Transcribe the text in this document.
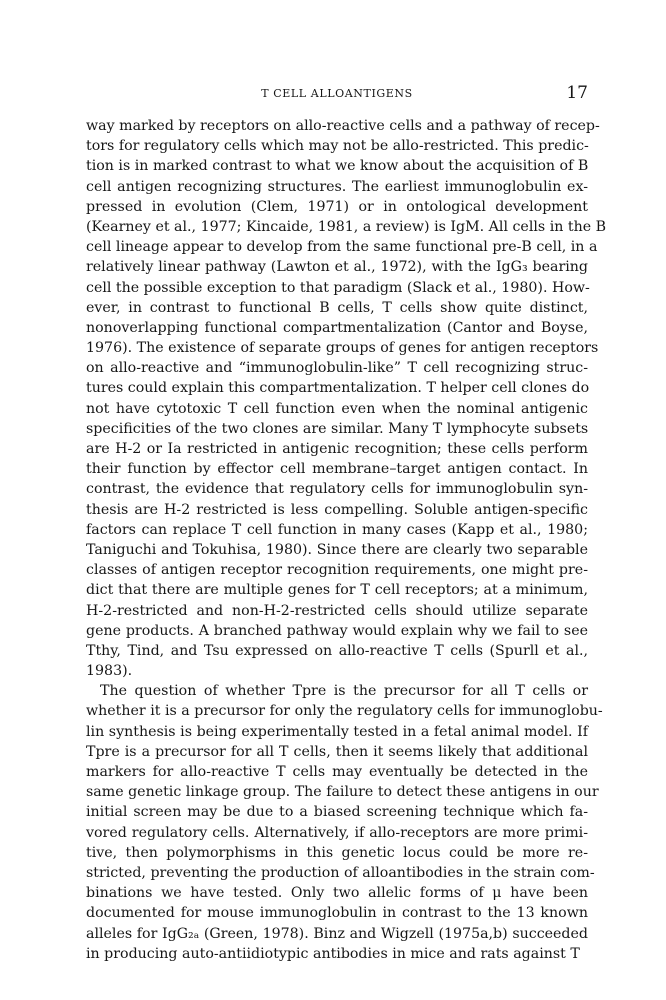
T CELL ALLOANTIGENS	17
way marked by receptors on allo-reactive cells and a pathway of recep-
tors for regulatory cells which may not be allo-restricted. This predic-
tion is in marked contrast to what we know about the acquisition of B
cell antigen recognizing structures. The earliest immunoglobulin ex-
pressed in evolution (Clem, 1971) or in ontological development
(Kearney et al., 1977; Kincaide, 1981, a review) is IgM. All cells in the B
cell lineage appear to develop from the same functional pre-B cell, in a
relatively linear pathway (Lawton et al., 1972), with the IgG₃ bearing
cell the possible exception to that paradigm (Slack et al., 1980). How-
ever, in contrast to functional B cells, T cells show quite distinct,
nonoverlapping functional compartmentalization (Cantor and Boyse,
1976). The existence of separate groups of genes for antigen receptors
on allo-reactive and “immunoglobulin-like” T cell recognizing struc-
tures could explain this compartmentalization. T helper cell clones do
not have cytotoxic T cell function even when the nominal antigenic
specificities of the two clones are similar. Many T lymphocyte subsets
are H-2 or Ia restricted in antigenic recognition; these cells perform
their function by effector cell membrane–target antigen contact. In
contrast, the evidence that regulatory cells for immunoglobulin syn-
thesis are H-2 restricted is less compelling. Soluble antigen-specific
factors can replace T cell function in many cases (Kapp et al., 1980;
Taniguchi and Tokuhisa, 1980). Since there are clearly two separable
classes of antigen receptor recognition requirements, one might pre-
dict that there are multiple genes for T cell receptors; at a minimum,
H-2-restricted and non-H-2-restricted cells should utilize separate
gene products. A branched pathway would explain why we fail to see
Tthy, Tind, and Tsu expressed on allo-reactive T cells (Spurll et al.,
1983).
The question of whether Tpre is the precursor for all T cells or
whether it is a precursor for only the regulatory cells for immunoglobu-
lin synthesis is being experimentally tested in a fetal animal model. If
Tpre is a precursor for all T cells, then it seems likely that additional
markers for allo-reactive T cells may eventually be detected in the
same genetic linkage group. The failure to detect these antigens in our
initial screen may be due to a biased screening technique which fa-
vored regulatory cells. Alternatively, if allo-receptors are more primi-
tive, then polymorphisms in this genetic locus could be more re-
stricted, preventing the production of alloantibodies in the strain com-
binations we have tested. Only two allelic forms of μ have been
documented for mouse immunoglobulin in contrast to the 13 known
alleles for IgG₂ₐ (Green, 1978). Binz and Wigzell (1975a,b) succeeded
in producing auto-antiidiotypic antibodies in mice and rats against T
